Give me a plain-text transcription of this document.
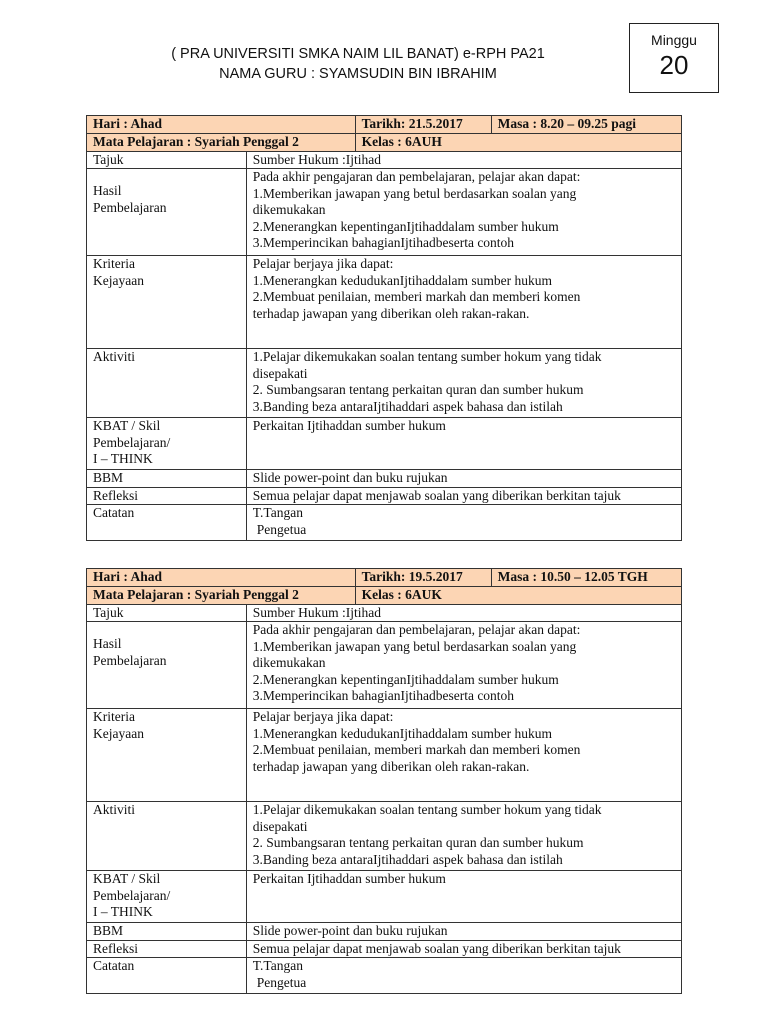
( PRA UNIVERSITI SMKA NAIM LIL BANAT) e-RPH PA21
NAMA GURU : SYAMSUDIN BIN IBRAHIM
Minggu
20
Hari : Ahad		Tarikh: 21.5.2017	Masa : 8.20 – 09.25 pagi
Mata Pelajaran : Syariah Penggal 2		Kelas : 6AUH	
Tajuk	Sumber Hukum :Ijtihad		

Hasil
Pembelajaran	Pada akhir pengajaran dan pembelajaran, pelajar akan dapat:
1.Memberikan jawapan yang betul berdasarkan soalan yang
dikemukakan
2.Menerangkan kepentinganIjtihaddalam sumber hukum
3.Memperincikan bahagianIjtihadbeserta contoh		

Kriteria
Kejayaan	Pelajar berjaya jika dapat:
1.Menerangkan kedudukanIjtihaddalam sumber hukum
2.Membuat penilaian, memberi markah dan memberi komen
terhadap jawapan yang diberikan oleh rakan-rakan.		

Aktiviti	1.Pelajar dikemukakan soalan tentang sumber hokum yang tidak
disepakati
2. Sumbangsaran tentang perkaitan quran dan sumber hukum
3.Banding beza antaraIjtihaddari aspek bahasa dan istilah		

KBAT / Skil
Pembelajaran/
I – THINK	Perkaitan Ijtihaddan sumber hukum		
BBM	Slide power-point dan buku rujukan		
Refleksi	Semua pelajar dapat menjawab soalan yang diberikan berkitan tajuk		
Catatan	T.Tangan
Pengetua		
Hari : Ahad		Tarikh: 19.5.2017	Masa : 10.50 – 12.05 TGH
Mata Pelajaran : Syariah Penggal 2		Kelas : 6AUK	
Tajuk	Sumber Hukum :Ijtihad		

Hasil
Pembelajaran	Pada akhir pengajaran dan pembelajaran, pelajar akan dapat:
1.Memberikan jawapan yang betul berdasarkan soalan yang
dikemukakan
2.Menerangkan kepentinganIjtihaddalam sumber hukum
3.Memperincikan bahagianIjtihadbeserta contoh		

Kriteria
Kejayaan	Pelajar berjaya jika dapat:
1.Menerangkan kedudukanIjtihaddalam sumber hukum
2.Membuat penilaian, memberi markah dan memberi komen
terhadap jawapan yang diberikan oleh rakan-rakan.		

Aktiviti	1.Pelajar dikemukakan soalan tentang sumber hokum yang tidak
disepakati
2. Sumbangsaran tentang perkaitan quran dan sumber hukum
3.Banding beza antaraIjtihaddari aspek bahasa dan istilah		

KBAT / Skil
Pembelajaran/
I – THINK	Perkaitan Ijtihaddan sumber hukum		
BBM	Slide power-point dan buku rujukan		
Refleksi	Semua pelajar dapat menjawab soalan yang diberikan berkitan tajuk		
Catatan	T.Tangan
Pengetua		
